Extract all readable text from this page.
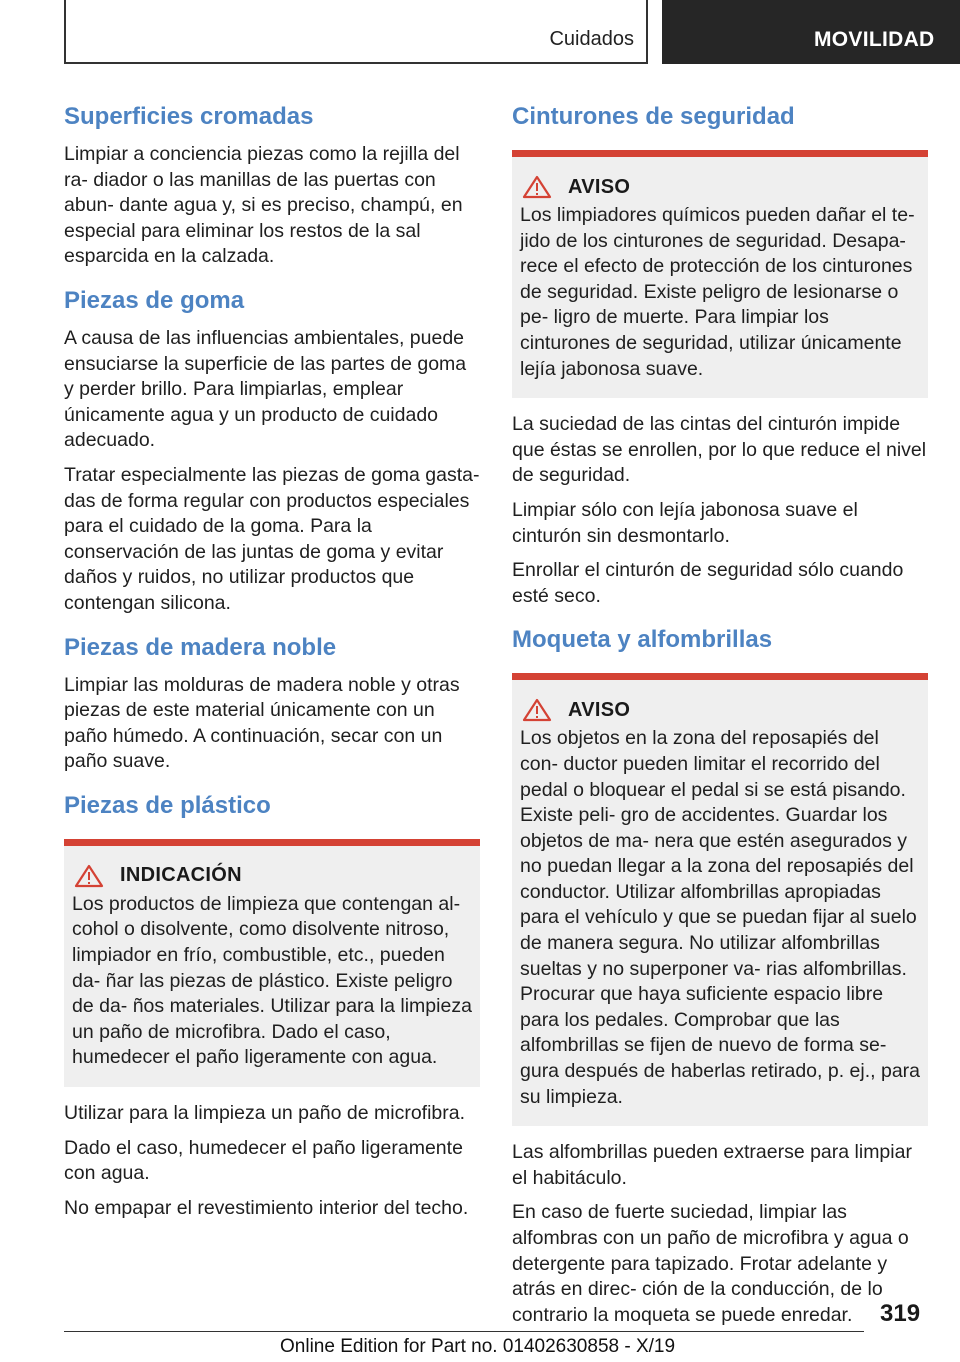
Cuidados	MOVILIDAD
Superficies cromadas

Limpiar a conciencia piezas como la rejilla del ra‐ diador o las manillas de las puertas con abun‐ dante agua y, si es preciso, champú, en especial para eliminar los restos de la sal esparcida en la calzada.

Piezas de goma

A causa de las influencias ambientales, puede ensuciarse la superficie de las partes de goma y perder brillo. Para limpiarlas, emplear únicamente agua y un producto de cuidado adecuado.

Tratar especialmente las piezas de goma gasta‐ das de forma regular con productos especiales para el cuidado de la goma. Para la conservación de las juntas de goma y evitar daños y ruidos, no utilizar productos que contengan silicona.

Piezas de madera noble

Limpiar las molduras de madera noble y otras piezas de este material únicamente con un paño húmedo. A continuación, secar con un paño suave.

Piezas de plástico
INDICACIÓN

Los productos de limpieza que contengan al‐ cohol o disolvente, como disolvente nitroso, limpiador en frío, combustible, etc., pueden da‐ ñar las piezas de plástico. Existe peligro de da‐ ños materiales. Utilizar para la limpieza un paño de microfibra. Dado el caso, humedecer el paño ligeramente con agua.

Utilizar para la limpieza un paño de microfibra.

Dado el caso, humedecer el paño ligeramente con agua.

No empapar el revestimiento interior del techo.

Cinturones de seguridad
AVISO

Los limpiadores químicos pueden dañar el te‐ jido de los cinturones de seguridad. Desapa‐ rece el efecto de protección de los cinturones de seguridad. Existe peligro de lesionarse o pe‐ ligro de muerte. Para limpiar los cinturones de seguridad, utilizar únicamente lejía jabonosa suave.

La suciedad de las cintas del cinturón impide que éstas se enrollen, por lo que reduce el nivel de seguridad.

Limpiar sólo con lejía jabonosa suave el cinturón sin desmontarlo.

Enrollar el cinturón de seguridad sólo cuando esté seco.

Moqueta y alfombrillas
AVISO

Los objetos en la zona del reposapiés del con‐ ductor pueden limitar el recorrido del pedal o bloquear el pedal si se está pisando. Existe peli‐ gro de accidentes. Guardar los objetos de ma‐ nera que estén asegurados y no puedan llegar a la zona del reposapiés del conductor. Utilizar alfombrillas apropiadas para el vehículo y que se puedan fijar al suelo de manera segura. No utilizar alfombrillas sueltas y no superponer va‐ rias alfombrillas. Procurar que haya suficiente espacio libre para los pedales. Comprobar que las alfombrillas se fijen de nuevo de forma se‐ gura después de haberlas retirado, p. ej., para su limpieza.

Las alfombrillas pueden extraerse para limpiar el habitáculo.

En caso de fuerte suciedad, limpiar las alfombras con un paño de microfibra y agua o detergente para tapizado. Frotar adelante y atrás en direc‐ ción de la conducción, de lo contrario la moqueta se puede enredar.	319
Online Edition for Part no. 01402630858 - X/19
